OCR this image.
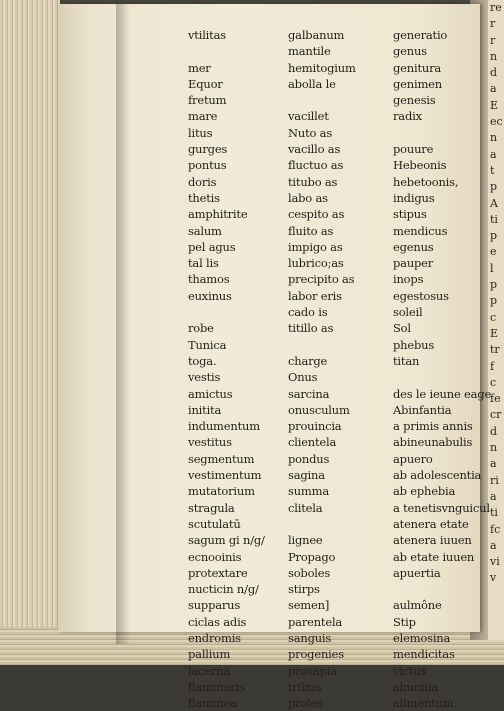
re
r
r
n
d
a
E
ec
n
a
t
p
A
ti
p
e
l
p
p
c
E
tr
f
c
fe
cr
d
n
a
ri
a
ti
fc
a
vi
v
vtilitas
mer
Equor
fretum
mare
litus
gurges
pontus
doris
thetis
amphitrite
salum
pel agus
tal lis
thamos
euxinus
robe
Tunica
toga.
vestis
amictus
initita
indumentum
vestitus
segmentum
vestimentum
mutatorium
stragula
scutulatū
sagum gi n/g/
ecnooinis
protextare
nucticin n/g/
supparus
ciclas adis
endromis
pallium
lacerna
flammaris
flammea
galbanum
mantile
hemitogium
abolla le
vacillet
Nuto as
vacillo as
fluctuo as
titubo as
labo as
cespito as
fluito as
impigo as
lubrico;as
precipito as
labor eris
cado is
titillo as
charge
Onus
sarcina
onusculum
prouincia
clientela
pondus
sagina
summa
clitela
lignee
Propago
soboles
stirps
semen]
parentela
sanguis
progenies
prosapia
tribus
proles
generatio
genus
genitura
genimen
genesis
radix
pouure
Hebeonis
hebetoonis,
indigus
stipus
mendicus
egenus
pauper
inops
egestosus
soleil
Sol
phebus
titan
des le ieune eage
Abinfantia
a primis annis
abineunabulis
apuero
ab adolescentia
ab ephebia
a tenetisvnguicul
atenera etate
atenera iuuen
ab etate iuuen
apuertia
aulmône
Stip
elemosina
mendicitas
victus
almonia
alimentum
